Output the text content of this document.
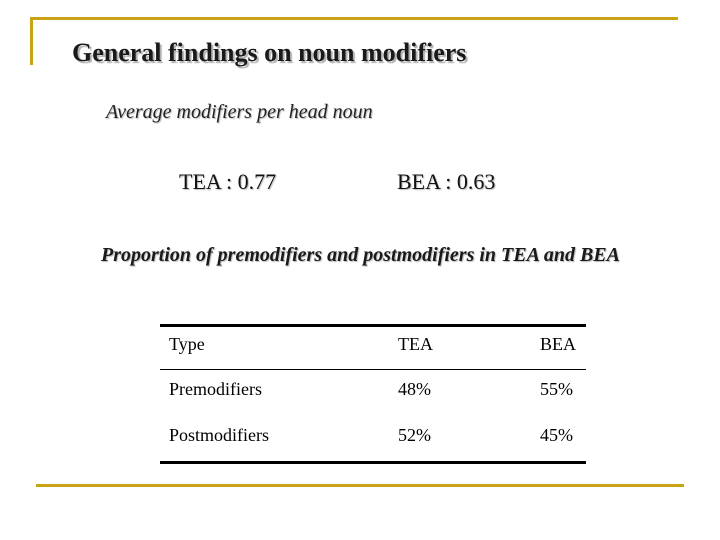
General findings on noun modifiers
Average modifiers per head noun
TEA : 0.77	BEA : 0.63
Proportion of premodifiers and postmodifiers in TEA and BEA
Type	TEA	BEA
Premodifiers	48%	55%
Postmodifiers	52%	45%
